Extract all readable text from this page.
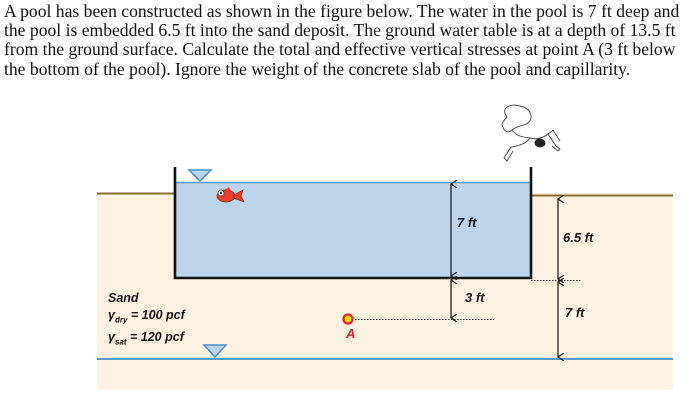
A pool has been constructed as shown in the figure below. The water in the pool is 7 ft deep and
the pool is embedded 6.5 ft into the sand deposit. The ground water table is at a depth of 13.5 ft
from the ground surface. Calculate the total and effective vertical stresses at point A (3 ft below
the bottom of the pool). Ignore the weight of the concrete slab of the pool and capillarity.
7 ft
3 ft
6.5 ft
7 ft
A
Sand
$\gamma_{dry} = 100$ pcf
$\gamma_{sat} = 120$ pcf
